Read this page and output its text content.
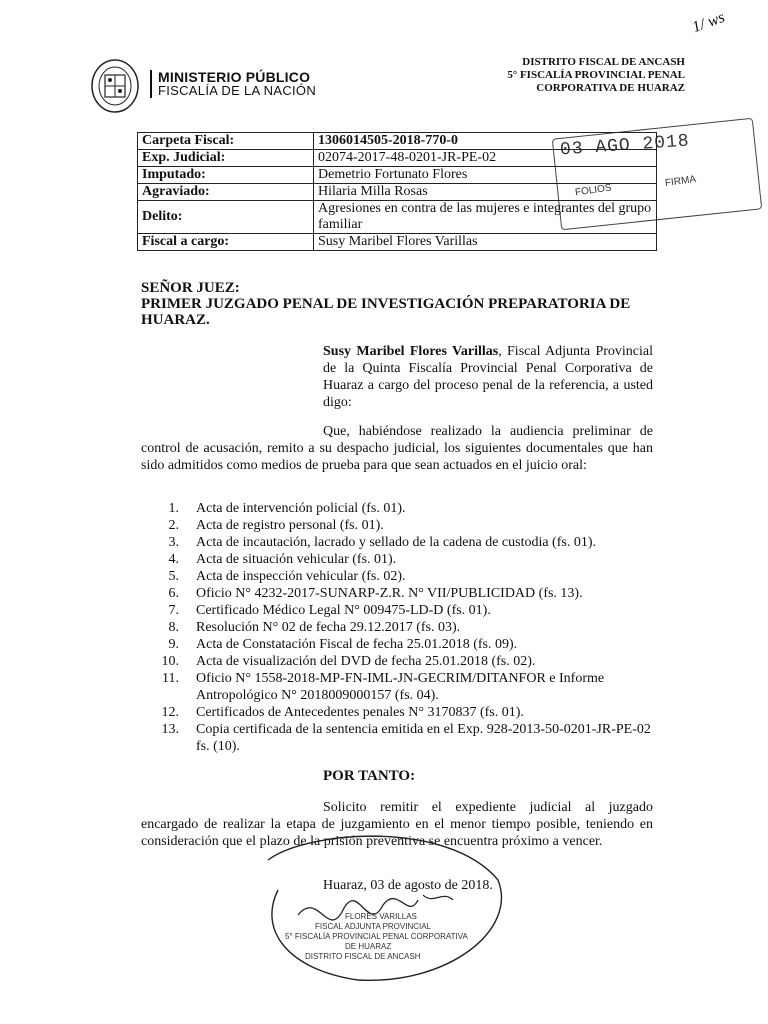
MINISTERIO PÚBLICO
FISCALÍA DE LA NACIÓN
DISTRITO FISCAL DE ANCASH
5° FISCALÍA PROVINCIAL PENAL
CORPORATIVA DE HUARAZ
1/ ws
03 AGO 2018
FOLIOS
FIRMA
Carpeta Fiscal:	1306014505-2018-770-0
Exp. Judicial:	02074-2017-48-0201-JR-PE-02
Imputado:	Demetrio Fortunato Flores
Agraviado:	Hilaria Milla Rosas
Delito:	Agresiones en contra de las mujeres e integrantes del grupo familiar
Fiscal a cargo:	Susy Maribel Flores Varillas
SEÑOR JUEZ:
PRIMER JUZGADO PENAL DE INVESTIGACIÓN PREPARATORIA DE HUARAZ.
Susy Maribel Flores Varillas, Fiscal Adjunta Provincial de la Quinta Fiscalía Provincial Penal Corporativa de Huaraz a cargo del proceso penal de la referencia, a usted digo:
Que, habiéndose realizado la audiencia preliminar de control de acusación, remito a su despacho judicial, los siguientes documentales que han sido admitidos como medios de prueba para que sean actuados en el juicio oral:
1. Acta de intervención policial (fs. 01).
2. Acta de registro personal (fs. 01).
3. Acta de incautación, lacrado y sellado de la cadena de custodia (fs. 01).
4. Acta de situación vehicular (fs. 01).
5. Acta de inspección vehicular (fs. 02).
6. Oficio N° 4232-2017-SUNARP-Z.R. N° VII/PUBLICIDAD (fs. 13).
7. Certificado Médico Legal N° 009475-LD-D (fs. 01).
8. Resolución N° 02 de fecha 29.12.2017 (fs. 03).
9. Acta de Constatación Fiscal de fecha 25.01.2018 (fs. 09).
10. Acta de visualización del DVD de fecha 25.01.2018 (fs. 02).
11. Oficio N° 1558-2018-MP-FN-IML-JN-GECRIM/DITANFOR e Informe Antropológico N° 2018009000157 (fs. 04).
12. Certificados de Antecedentes penales N° 3170837 (fs. 01).
13. Copia certificada de la sentencia emitida en el Exp. 928-2013-50-0201-JR-PE-02 fs. (10).
POR TANTO:
Solicito remitir el expediente judicial al juzgado encargado de realizar la etapa de juzgamiento en el menor tiempo posible, teniendo en consideración que el plazo de la prisión preventiva se encuentra próximo a vencer.
Huaraz, 03 de agosto de 2018.
FLORES VARILLAS
FISCAL ADJUNTA PROVINCIAL
5° FISCALÍA PROVINCIAL PENAL CORPORATIVA
DE HUARAZ
DISTRITO FISCAL DE ANCASH
